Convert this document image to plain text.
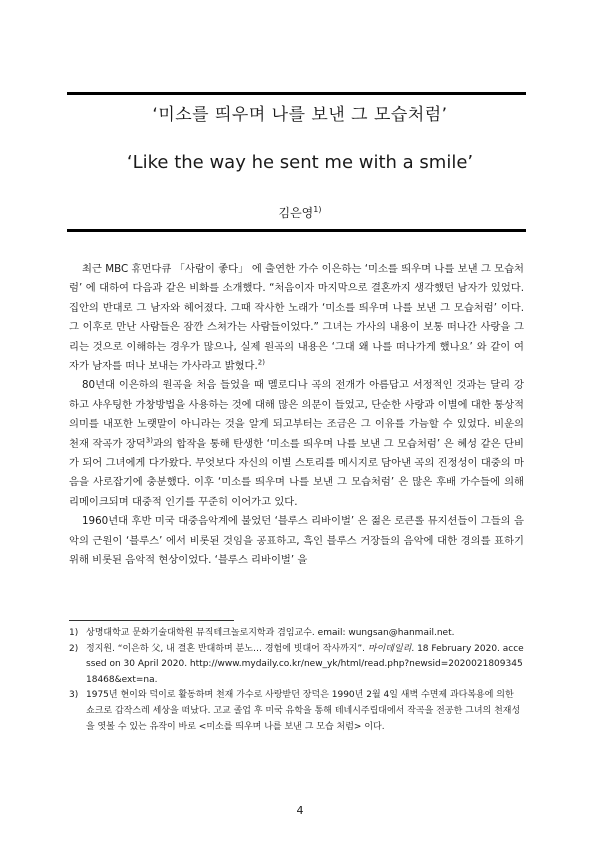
‘미소를 띄우며 나를 보낸 그 모습처럼’
‘Like the way he sent me with a smile’
김은영$^{1)}$

최근 MBC 휴먼다큐 「사람이 좋다」 에 출연한 가수 이은하는 ‘미소를 띄우며 나를 보낸 그 모습처럼’ 에 대하여 다음과 같은 비화를 소개했다. “처음이자 마지막으로 결혼까지 생각했던 남자가 있었다. 집안의 반대로 그 남자와 헤어졌다. 그때 작사한 노래가 ‘미소를 띄우며 나를 보낸 그 모습처럼’ 이다. 그 이후로 만난 사람들은 잠깐 스쳐가는 사람들이었다.” 그녀는 가사의 내용이 보통 떠나간 사랑을 그리는 것으로 이해하는 경우가 많으나, 실제 원곡의 내용은 ‘그대 왜 나를 떠나가게 했나요’ 와 같이 여자가 남자를 떠나 보내는 가사라고 밝혔다.$^{2)}$

80년대 이은하의 원곡을 처음 들었을 때 멜로디나 곡의 전개가 아름답고 서정적인 것과는 달리 강하고 샤우팅한 가창방법을 사용하는 것에 대해 많은 의문이 들었고, 단순한 사랑과 이별에 대한 통상적 의미를 내포한 노랫말이 아니라는 것을 알게 되고부터는 조금은 그 이유를 가늠할 수 있었다. 비운의 천재 작곡가 장덕$^{3)}$과의 합작을 통해 탄생한 ‘미소를 띄우며 나를 보낸 그 모습처럼’ 은 혜성 같은 단비가 되어 그녀에게 다가왔다. 무엇보다 자신의 이별 스토리를 메시지로 담아낸 곡의 진정성이 대중의 마음을 사로잡기에 충분했다. 이후 ‘미소를 띄우며 나를 보낸 그 모습처럼’ 은 많은 후배 가수들에 의해 리메이크되며 대중적 인기를 꾸준히 이어가고 있다.

1960년대 후반 미국 대중음악계에 불었던 ‘블루스 리바이벌’ 은 젊은 로큰롤 뮤지션들이 그들의 음악의 근원이 ‘블루스’ 에서 비롯된 것임을 공표하고, 흑인 블루스 거장들의 음악에 대한 경의를 표하기 위해 비롯된 음악적 현상이었다. ‘블루스 리바이벌’ 을

1) 상명대학교 문화기술대학원 뮤직테크놀로지학과 겸임교수. email: wungsan@hanmail.net.
2) 정지원. “이은하 父, 내 결혼 반대하며 분노… 경험에 빗대어 작사까지”. 마이데일리. 18 February 2020. accessed on 30 April 2020. http://www.mydaily.co.kr/new_yk/html/read.php?newsid=202002180934518468&ext=na.
3) 1975년 현이와 덕이로 활동하며 천재 가수로 사랑받던 장덕은 1990년 2월 4일 새벽 수면제 과다복용에 의한 쇼크로 갑작스레 세상을 떠났다. 고교 졸업 후 미국 유학을 통해 테네시주립대에서 작곡을 전공한 그녀의 천재성을 엿볼 수 있는 유작이 바로 <미소를 띄우며 나를 보낸 그 모습 처럼> 이다.
4
